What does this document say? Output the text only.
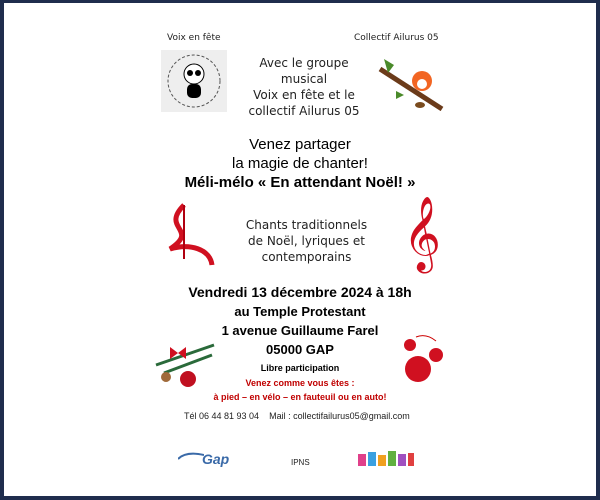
Voix en fête	Collectif Ailurus 05
Avec le groupe
musical
Voix en fête et le
collectif Ailurus 05
Venez partager
la magie de chanter!
Méli-mélo « En attendant Noël! »
Chants traditionnels
de Noël, lyriques et
contemporains 𝄞
Vendredi 13 décembre 2024 à 18h
au Temple Protestant
1 avenue Guillaume Farel
05000 GAP
Libre participation
Venez comme vous êtes :
à pied – en vélo – en fauteuil ou en auto!
Tél 06 44 81 93 04 Mail : collectifailurus05@gmail.com
Gap	IPNS
